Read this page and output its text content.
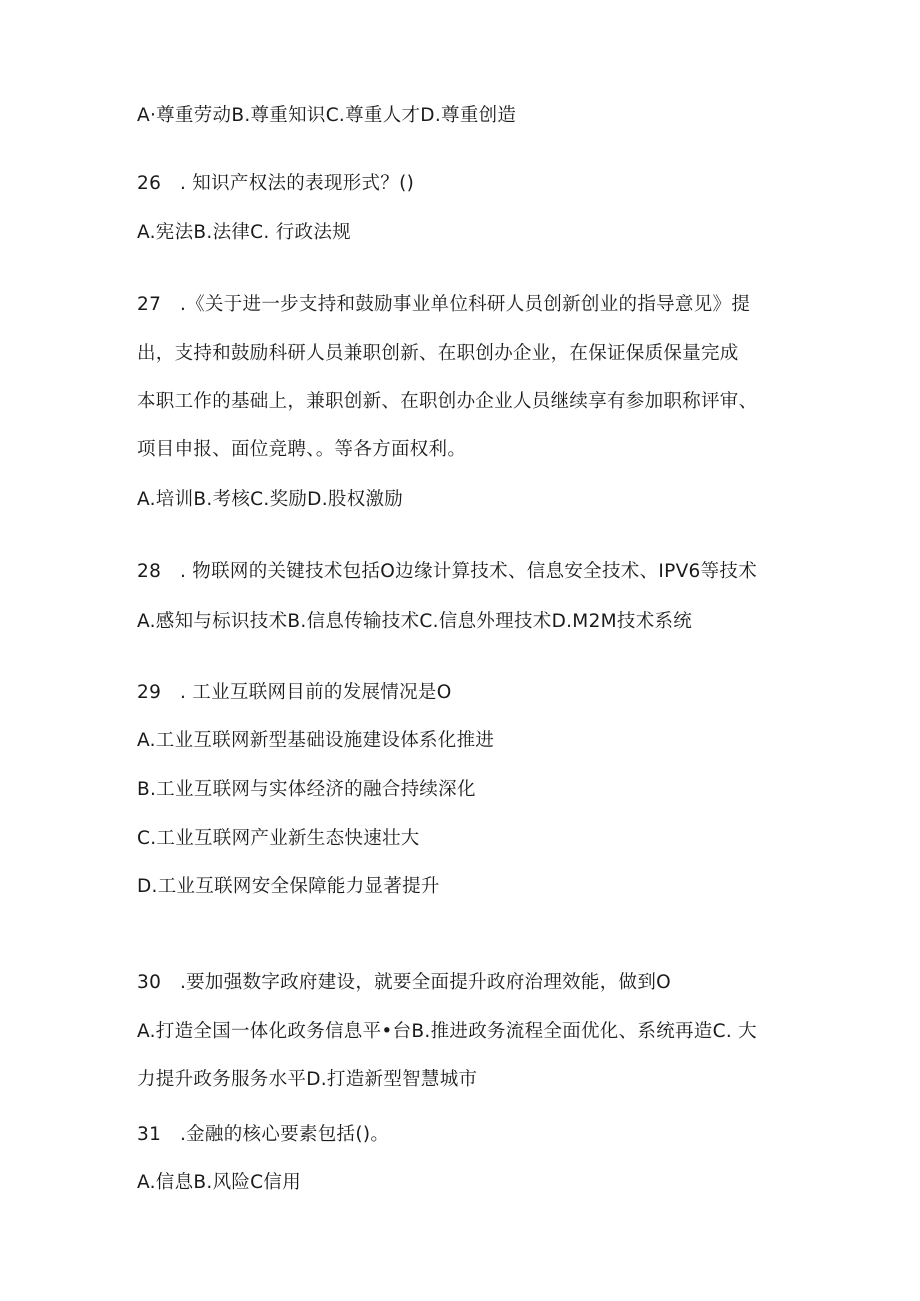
A·尊重劳动B.尊重知识C.尊重人才D.尊重创造
26　. 知识产权法的表现形式？()
A.宪法B.法律C. 行政法规
27　.《关于进一步支持和鼓励事业单位科研人员创新创业的指导意见》提
出，支持和鼓励科研人员兼职创新、在职创办企业，在保证保质保量完成
本职工作的基础上，兼职创新、在职创办企业人员继续享有参加职称评审、
项目申报、面位竞聘、。等各方面权利。
A.培训B.考核C.奖励D.股权激励
28　. 物联网的关键技术包括O边缘计算技术、信息安全技术、IPV6等技术
A.感知与标识技术B.信息传输技术C.信息外理技术D.M2M技术系统
29　. 工业互联网目前的发展情况是O
A.工业互联网新型基础设施建设体系化推进
B.工业互联网与实体经济的融合持续深化
C.工业互联网产业新生态快速壮大
D.工业互联网安全保障能力显著提升
30　.要加强数字政府建设，就要全面提升政府治理效能，做到O
A.打造全国一体化政务信息平•台B.推进政务流程全面优化、系统再造C. 大
力提升政务服务水平D.打造新型智慧城市
31　.金融的核心要素包括()。
A.信息B.风险C信用
